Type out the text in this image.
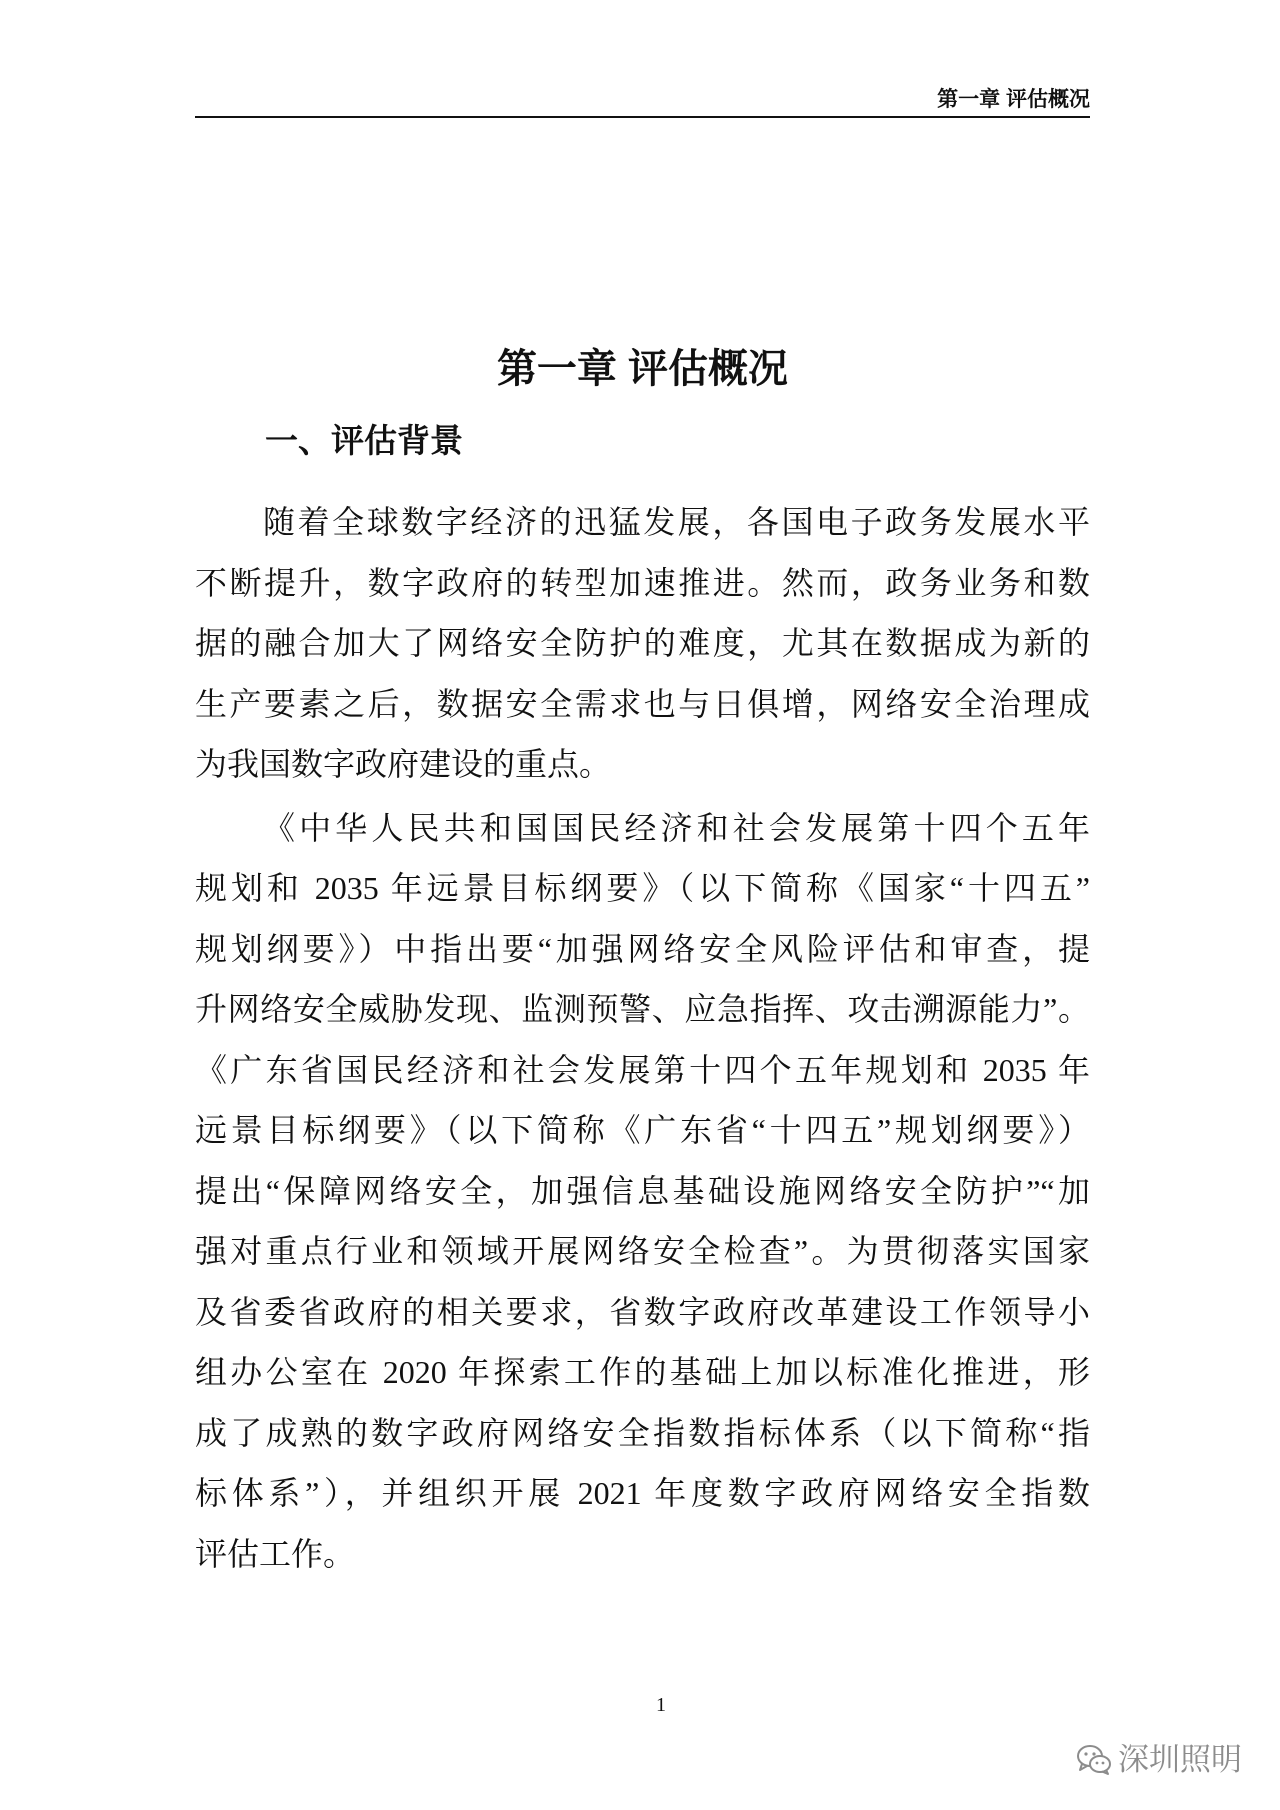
第一章 评估概况
第一章 评估概况
一、评估背景
随着全球数字经济的迅猛发展，各国电子政务发展水平
不断提升，数字政府的转型加速推进。然而，政务业务和数
据的融合加大了网络安全防护的难度，尤其在数据成为新的
生产要素之后，数据安全需求也与日俱增，网络安全治理成
为我国数字政府建设的重点。
《中华人民共和国国民经济和社会发展第十四个五年
规划和 2035 年远景目标纲要》（以下简称《国家“十四五”
规划纲要》）中指出要“加强网络安全风险评估和审查，提
升网络安全威胁发现、监测预警、应急指挥、攻击溯源能力”。
《广东省国民经济和社会发展第十四个五年规划和 2035 年
远景目标纲要》（以下简称《广东省“十四五”规划纲要》）
提出“保障网络安全，加强信息基础设施网络安全防护”“加
强对重点行业和领域开展网络安全检查”。为贯彻落实国家
及省委省政府的相关要求，省数字政府改革建设工作领导小
组办公室在 2020 年探索工作的基础上加以标准化推进，形
成了成熟的数字政府网络安全指数指标体系（以下简称“指
标体系”），并组织开展 2021 年度数字政府网络安全指数
评估工作。
1
深圳照明
